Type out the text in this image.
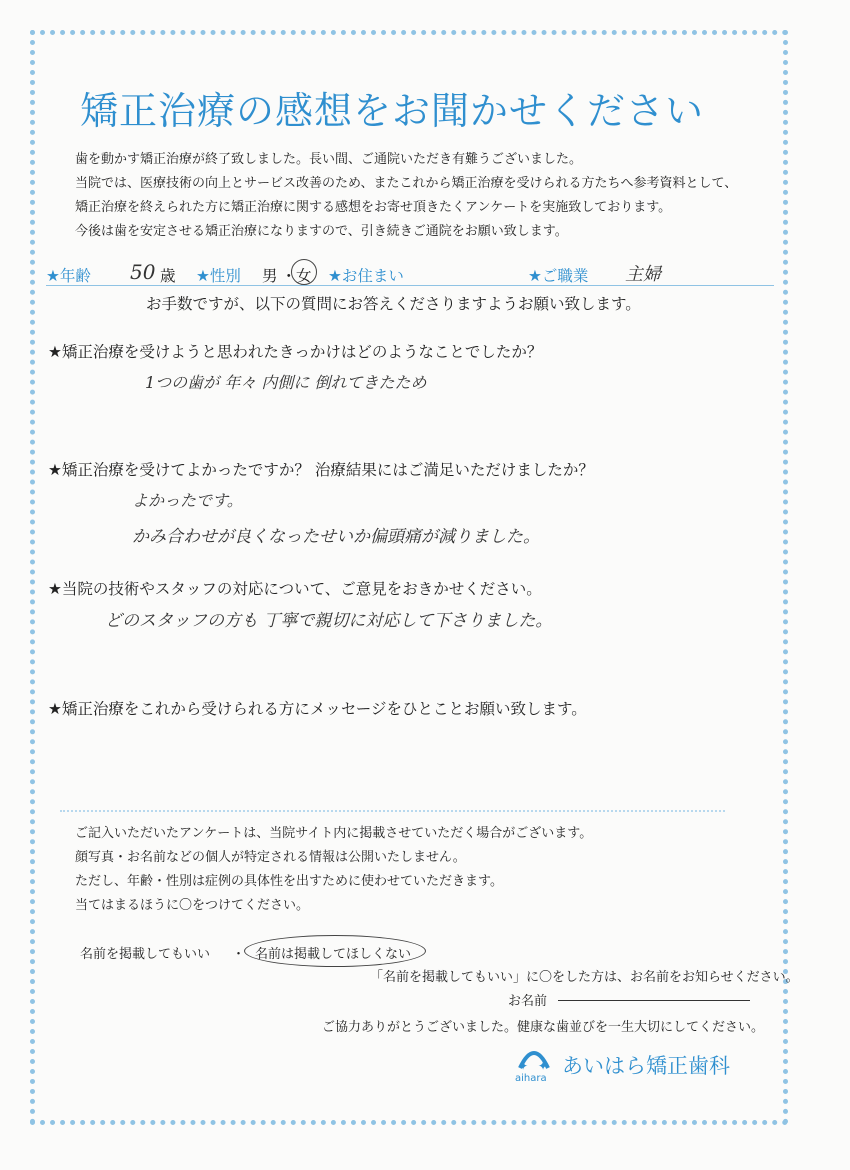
矯正治療の感想をお聞かせください
歯を動かす矯正治療が終了致しました。長い間、ご通院いただき有難うございました。
当院では、医療技術の向上とサービス改善のため、またこれから矯正治療を受けられる方たちへ参考資料として、
矯正治療を終えられた方に矯正治療に関する感想をお寄せ頂きたくアンケートを実施致しております。
今後は歯を安定させる矯正治療になりますので、引き続きご通院をお願い致します。
★年齢 50 歳 ★性別 男 ・ 女 ★お住まい	★ご職業 主婦
お手数ですが、以下の質問にお答えくださりますようお願い致します。
★矯正治療を受けようと思われたきっかけはどのようなことでしたか？
1つの歯が 年々 内側に 倒れてきたため
★矯正治療を受けてよかったですか？ 治療結果にはご満足いただけましたか？
よかったです。
かみ合わせが良くなったせいか偏頭痛が減りました。
★当院の技術やスタッフの対応について、ご意見をおきかせください。
どのスタッフの方も 丁寧で親切に対応して下さりました。
★矯正治療をこれから受けられる方にメッセージをひとことお願い致します。
ご記入いただいたアンケートは、当院サイト内に掲載させていただく場合がございます。
顔写真・お名前などの個人が特定される情報は公開いたしません。
ただし、年齢・性別は症例の具体性を出すために使わせていただきます。
当てはまるほうに〇をつけてください。
名前を掲載してもいい ・ 名前は掲載してほしくない
「名前を掲載してもいい」に〇をした方は、お名前をお知らせください。
お名前
ご協力ありがとうございました。健康な歯並びを一生大切にしてください。
✦ ✦
aihara
あいはら矯正歯科
